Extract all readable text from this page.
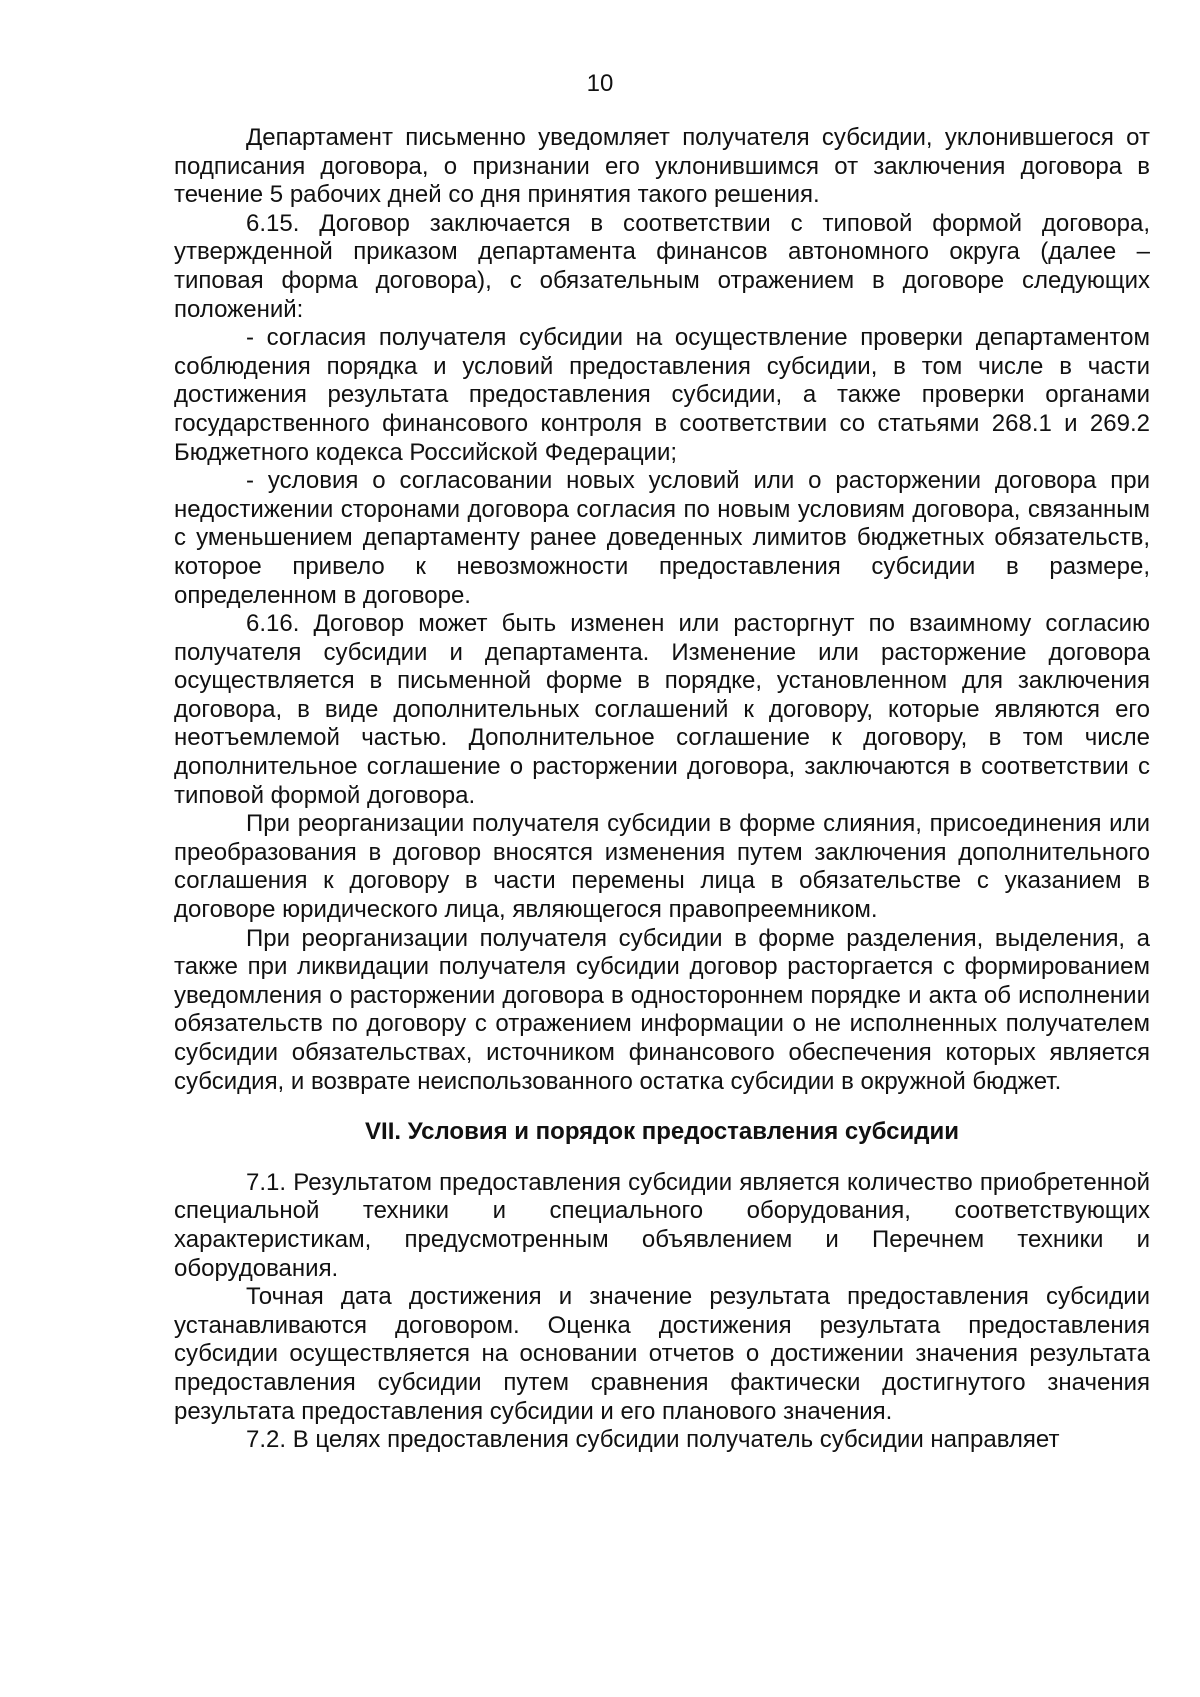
10

Департамент письменно уведомляет получателя субсидии, уклонившегося от подписания договора, о признании его уклонившимся от заключения договора в течение 5 рабочих дней со дня принятия такого решения.

6.15. Договор заключается в соответствии с типовой формой договора, утвержденной приказом департамента финансов автономного округа (далее – типовая форма договора), с обязательным отражением в договоре следующих положений:

- согласия получателя субсидии на осуществление проверки департаментом соблюдения порядка и условий предоставления субсидии, в том числе в части достижения результата предоставления субсидии, а также проверки органами государственного финансового контроля в соответствии со статьями 268.1 и 269.2 Бюджетного кодекса Российской Федерации;

- условия о согласовании новых условий или о расторжении договора при недостижении сторонами договора согласия по новым условиям договора, связанным с уменьшением департаменту ранее доведенных лимитов бюджетных обязательств, которое привело к невозможности предоставления субсидии в размере, определенном в договоре.

6.16. Договор может быть изменен или расторгнут по взаимному согласию получателя субсидии и департамента. Изменение или расторжение договора осуществляется в письменной форме в порядке, установленном для заключения договора, в виде дополнительных соглашений к договору, которые являются его неотъемлемой частью. Дополнительное соглашение к договору, в том числе дополнительное соглашение о расторжении договора, заключаются в соответствии с типовой формой договора.

При реорганизации получателя субсидии в форме слияния, присоединения или преобразования в договор вносятся изменения путем заключения дополнительного соглашения к договору в части перемены лица в обязательстве с указанием в договоре юридического лица, являющегося правопреемником.

При реорганизации получателя субсидии в форме разделения, выделения, а также при ликвидации получателя субсидии договор расторгается с формированием уведомления о расторжении договора в одностороннем порядке и акта об исполнении обязательств по договору с отражением информации о не исполненных получателем субсидии обязательствах, источником финансового обеспечения которых является субсидия, и возврате неиспользованного остатка субсидии в окружной бюджет.

VII. Условия и порядок предоставления субсидии

7.1. Результатом предоставления субсидии является количество приобретенной специальной техники и специального оборудования, соответствующих характеристикам, предусмотренным объявлением и Перечнем техники и оборудования.

Точная дата достижения и значение результата предоставления субсидии устанавливаются договором. Оценка достижения результата предоставления субсидии осуществляется на основании отчетов о достижении значения результата предоставления субсидии путем сравнения фактически достигнутого значения результата предоставления субсидии и его планового значения.

7.2. В целях предоставления субсидии получатель субсидии направляет
